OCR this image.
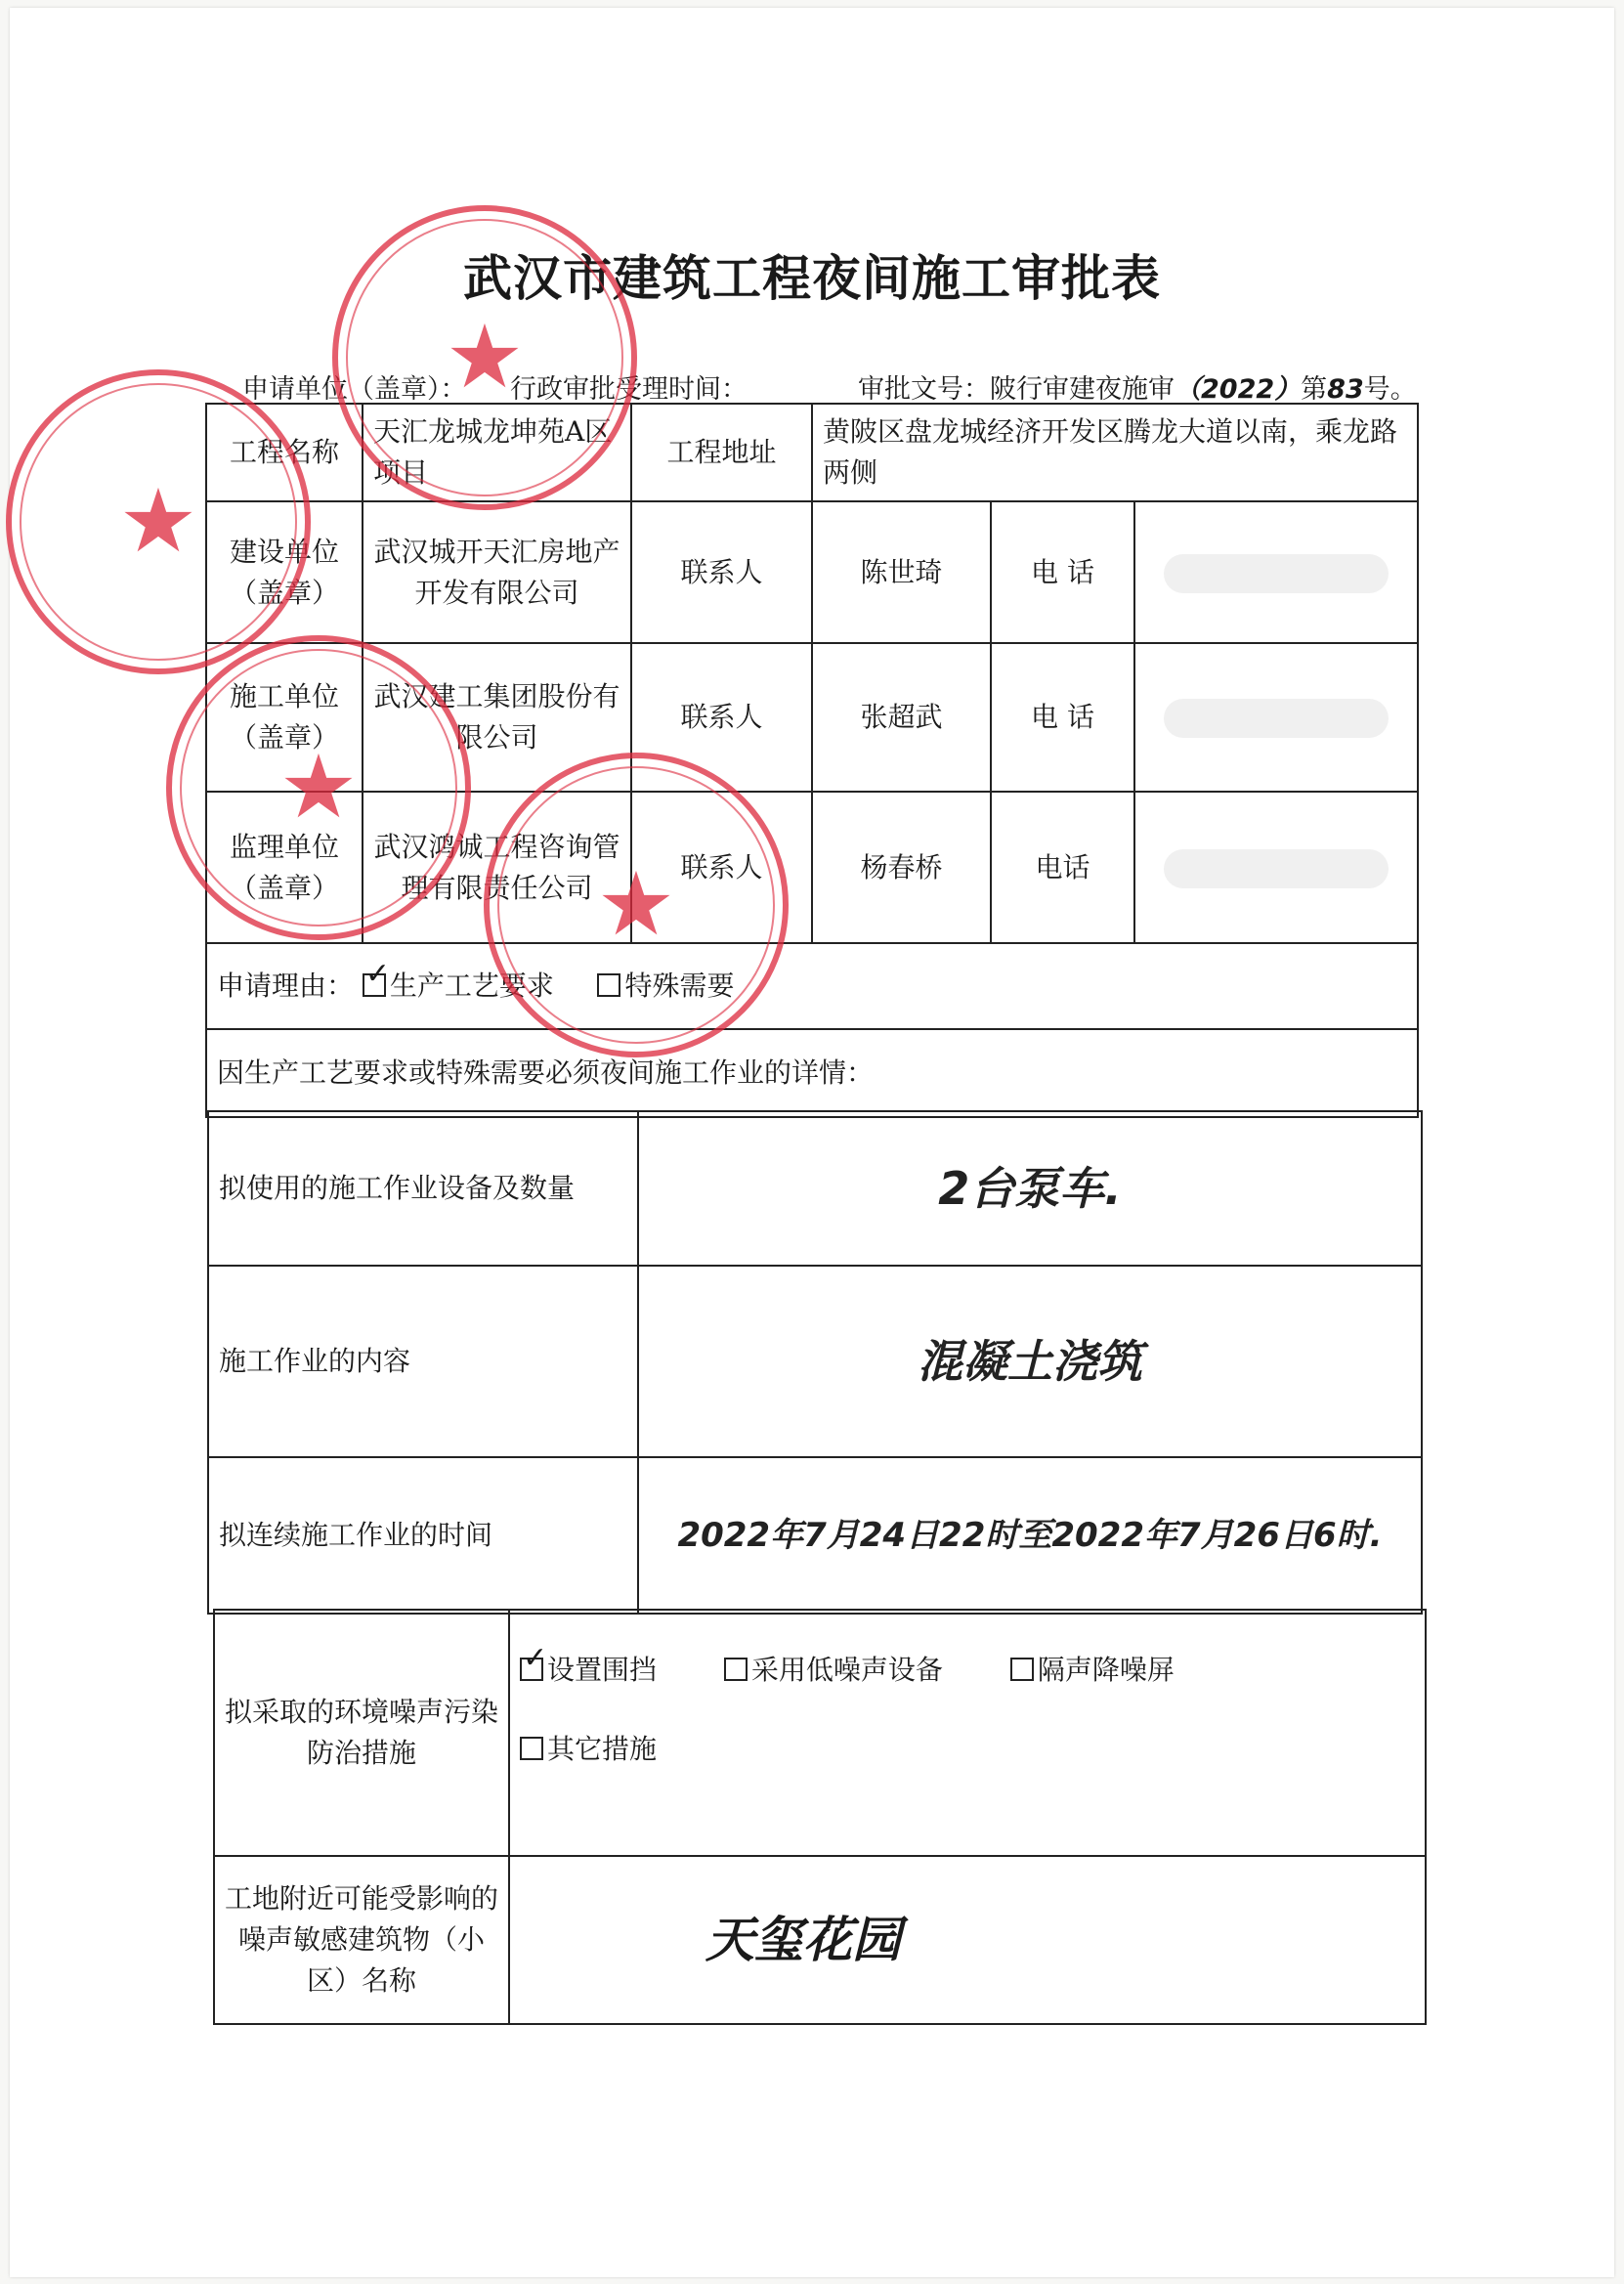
武汉市建筑工程夜间施工审批表
申请单位（盖章）： 行政审批受理时间：	审批文号：陂行审建夜施审（2022）第83号。
工程名称	天汇龙城龙坤苑A区项目	工程地址	黄陂区盘龙城经济开发区腾龙大道以南，乘龙路两侧		
建设单位（盖章）	武汉城开天汇房地产开发有限公司	联系人	陈世琦	电 话	
施工单位（盖章）	武汉建工集团股份有限公司	联系人	张超武	电 话	
监理单位（盖章）	武汉鸿诚工程咨询管理有限责任公司	联系人	杨春桥	电话	
申请理由： ✓ 生产工艺要求 特殊需要
因生产工艺要求或特殊需要必须夜间施工作业的详情：					
拟使用的施工作业设备及数量	2台泵车.
施工作业的内容	混凝土浇筑
拟连续施工作业的时间	2022年7月24日22时至2022年7月26日6时.
拟采取的环境噪声污染防治措施	✓设置围挡 采用低噪声设备 隔声降噪屏
其它措施
工地附近可能受影响的噪声敏感建筑物（小区）名称	天玺花园
★
★
★
★
